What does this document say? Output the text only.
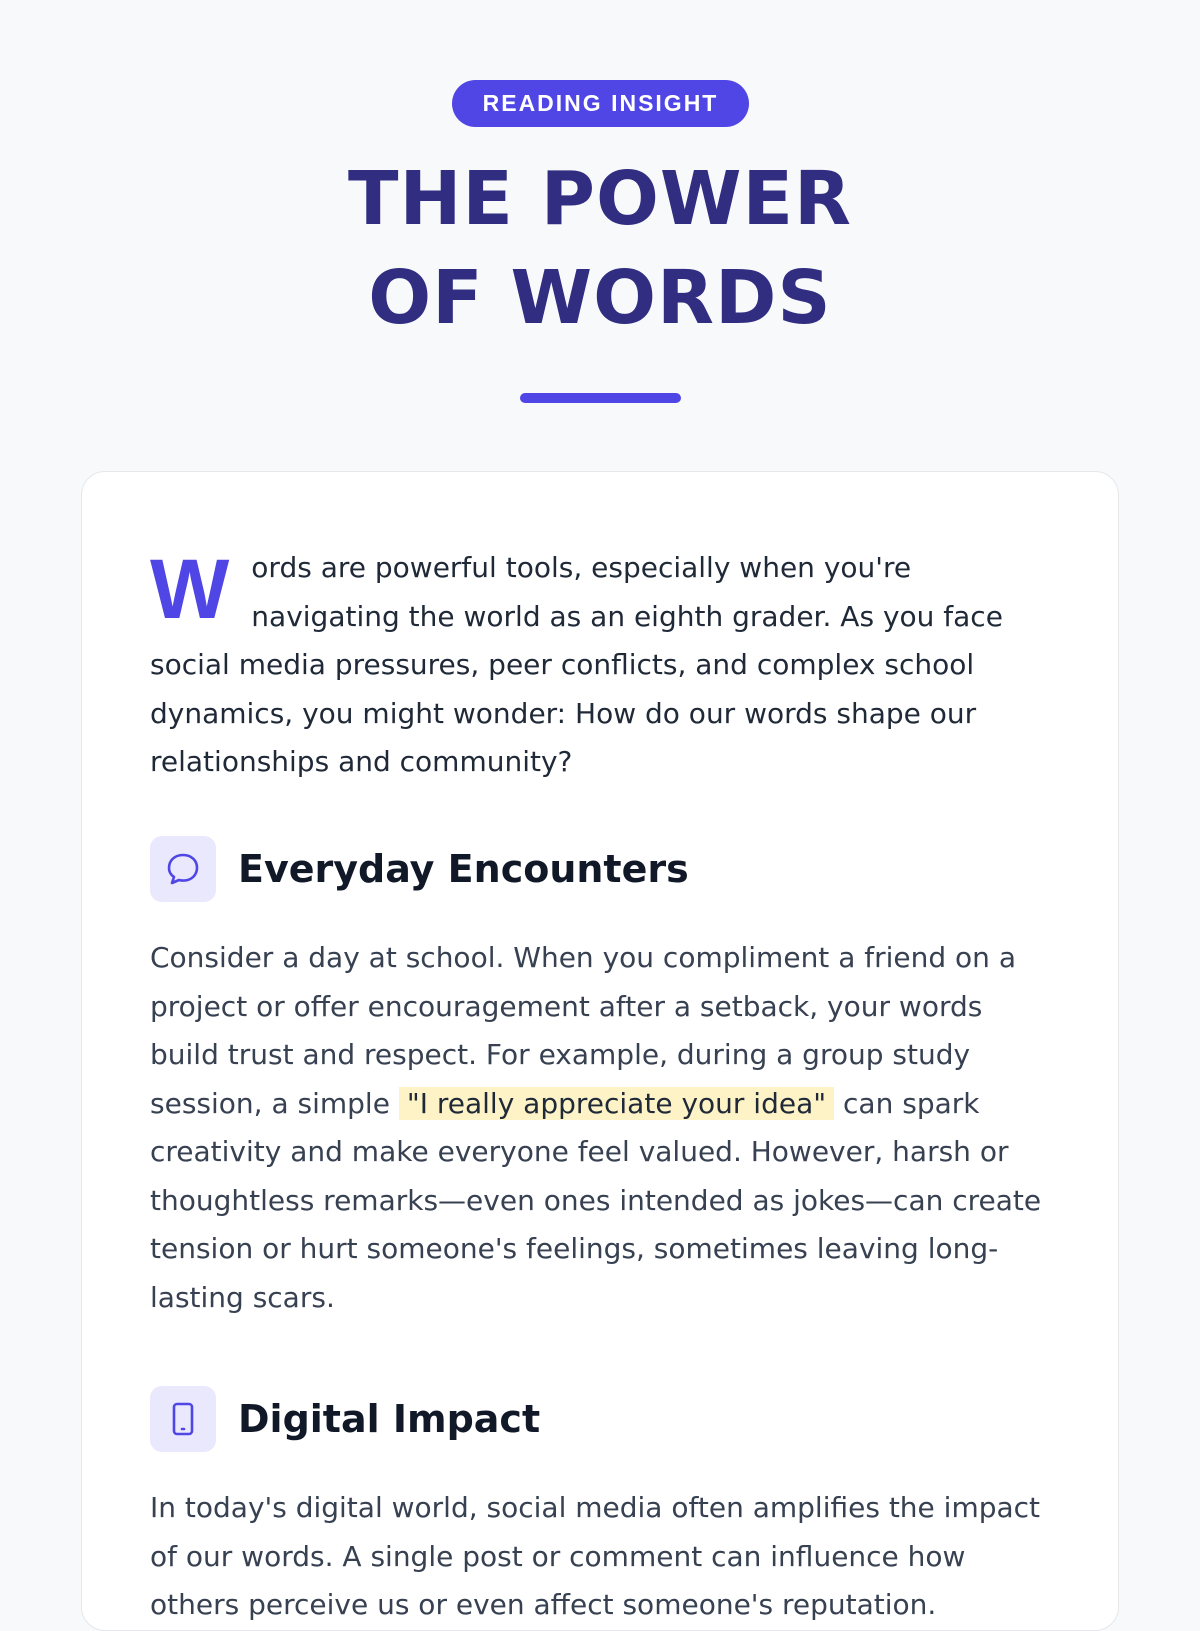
READING INSIGHT
THE POWER
OF WORDS

Words are powerful tools, especially when you're navigating the world as an eighth grader. As you face social media pressures, peer conflicts, and complex school dynamics, you might wonder: How do our words shape our relationships and community?

Everyday Encounters

Consider a day at school. When you compliment a friend on a project or offer encouragement after a setback, your words build trust and respect. For example, during a group study session, a simple "I really appreciate your idea" can spark creativity and make everyone feel valued. However, harsh or thoughtless remarks—even ones intended as jokes—can create tension or hurt someone's feelings, sometimes leaving long-lasting scars.

Digital Impact

In today's digital world, social media often amplifies the impact of our words. A single post or comment can influence how others perceive us or even affect someone's reputation.
